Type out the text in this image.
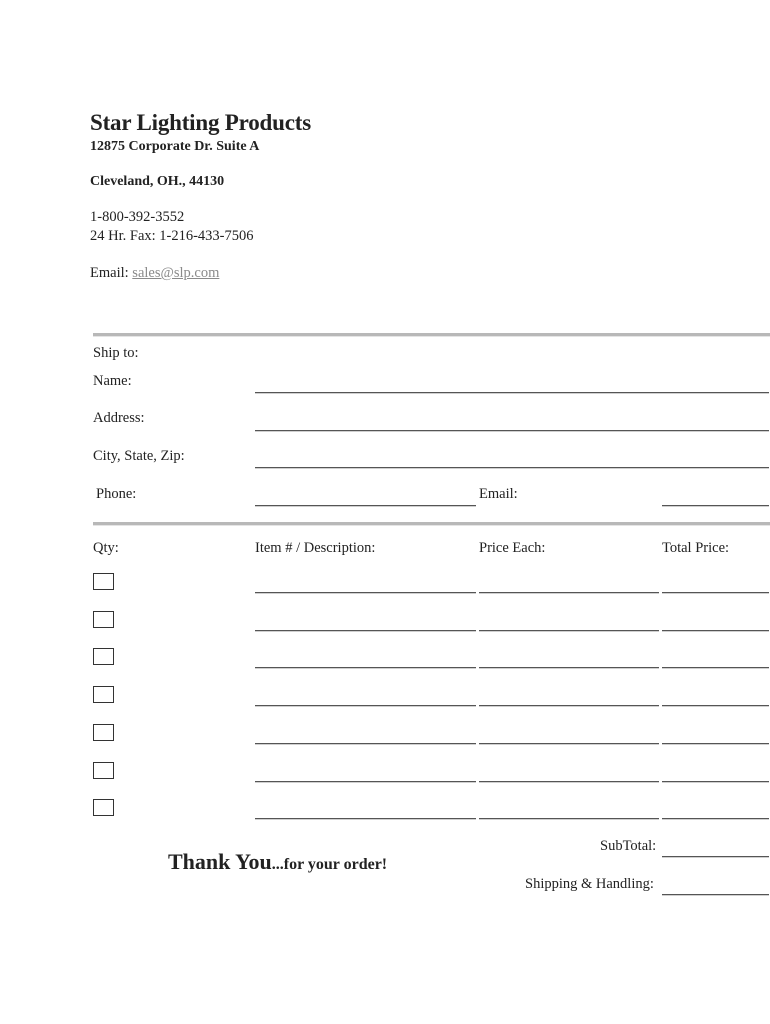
Star Lighting Products
12875 Corporate Dr. Suite A
Cleveland, OH., 44130
1-800-392-3552
24 Hr. Fax: 1-216-433-7506
Email: sales@slp.com
Ship to:
Name:
Address:
City, State, Zip:
Phone:	Email:
Qty:	Item # / Description:	Price Each:	Total Price:
SubTotal:
Shipping & Handling:
Thank You...for your order!
